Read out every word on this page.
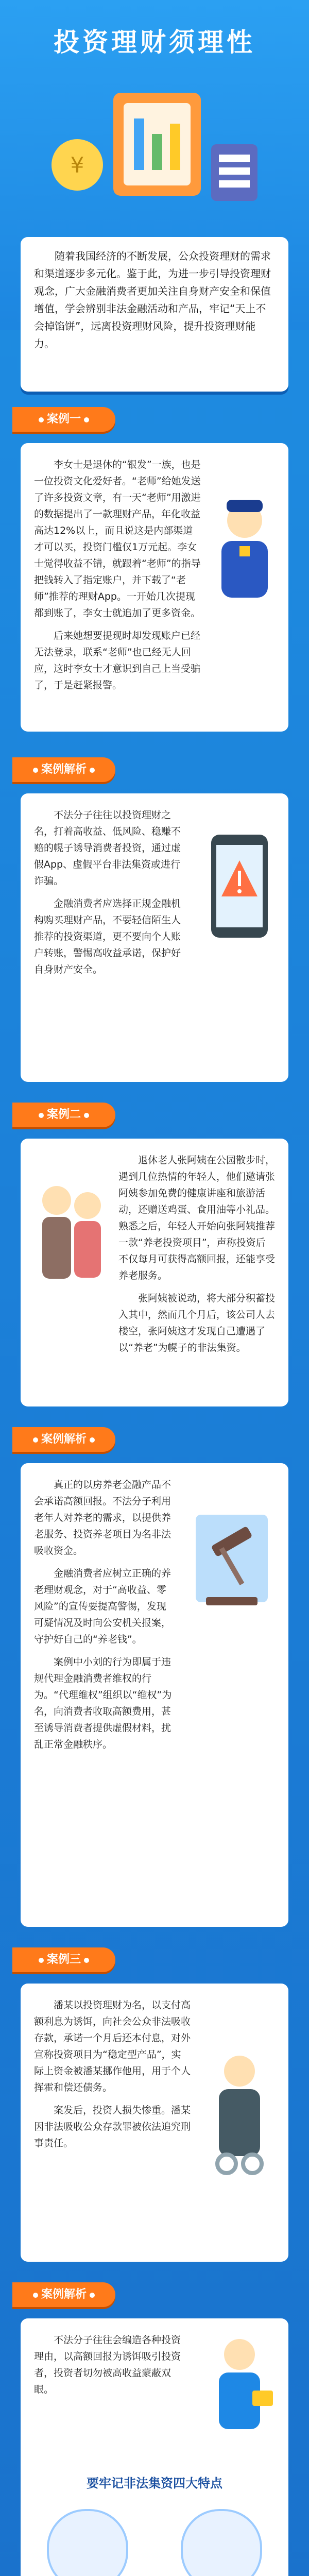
投资理财须理性
¥
随着我国经济的不断发展，公众投资理财的需求和渠道逐步多元化。鉴于此，为进一步引导投资理财观念，广大金融消费者更加关注自身财产安全和保值增值，学会辨别非法金融活动和产品，牢记“天上不会掉馅饼”，远离投资理财风险，提升投资理财能力。
案例一

李女士是退休的“银发”一族，也是一位投资文化爱好者。“老师”给她发送了许多投资文章，有一天“老师”用激进的数据提出了一款理财产品，年化收益高达12%以上，而且说这是内部渠道才可以买，投资门槛仅1万元起。李女士觉得收益不错，就跟着“老师”的指导把钱转入了指定账户，并下载了“老师”推荐的理财App。一开始几次提现都到账了，李女士就追加了更多资金。

后来她想要提现时却发现账户已经无法登录，联系“老师”也已经无人回应，这时李女士才意识到自己上当受骗了，于是赶紧报警。

案例解析

不法分子往往以投资理财之名，打着高收益、低风险、稳赚不赔的幌子诱导消费者投资，通过虚假App、虚假平台非法集资或进行诈骗。

金融消费者应选择正规金融机构购买理财产品，不要轻信陌生人推荐的投资渠道，更不要向个人账户转账，警惕高收益承诺，保护好自身财产安全。

案例二

退休老人张阿姨在公园散步时，遇到几位热情的年轻人，他们邀请张阿姨参加免费的健康讲座和旅游活动，还赠送鸡蛋、食用油等小礼品。熟悉之后，年轻人开始向张阿姨推荐一款“养老投资项目”，声称投资后不仅每月可获得高额回报，还能享受养老服务。

张阿姨被说动，将大部分积蓄投入其中，然而几个月后，该公司人去楼空，张阿姨这才发现自己遭遇了以“养老”为幌子的非法集资。

案例解析

真正的以房养老金融产品不会承诺高额回报。不法分子利用老年人对养老的需求，以提供养老服务、投资养老项目为名非法吸收资金。

金融消费者应树立正确的养老理财观念，对于“高收益、零风险”的宣传要提高警惕，发现可疑情况及时向公安机关报案，守护好自己的“养老钱”。

案例中小刘的行为即属于违规代理金融消费者维权的行为。“代理维权”组织以“维权”为名，向消费者收取高额费用，甚至诱导消费者提供虚假材料，扰乱正常金融秩序。

案例三

潘某以投资理财为名，以支付高额利息为诱饵，向社会公众非法吸收存款，承诺一个月后还本付息，对外宣称投资项目为“稳定型产品”，实际上资金被潘某挪作他用，用于个人挥霍和偿还债务。

案发后，投资人损失惨重。潘某因非法吸收公众存款罪被依法追究刑事责任。

案例解析

不法分子往往会编造各种投资理由，以高额回报为诱饵吸引投资者，投资者切勿被高收益蒙蔽双眼。

要牢记非法集资四大特点
